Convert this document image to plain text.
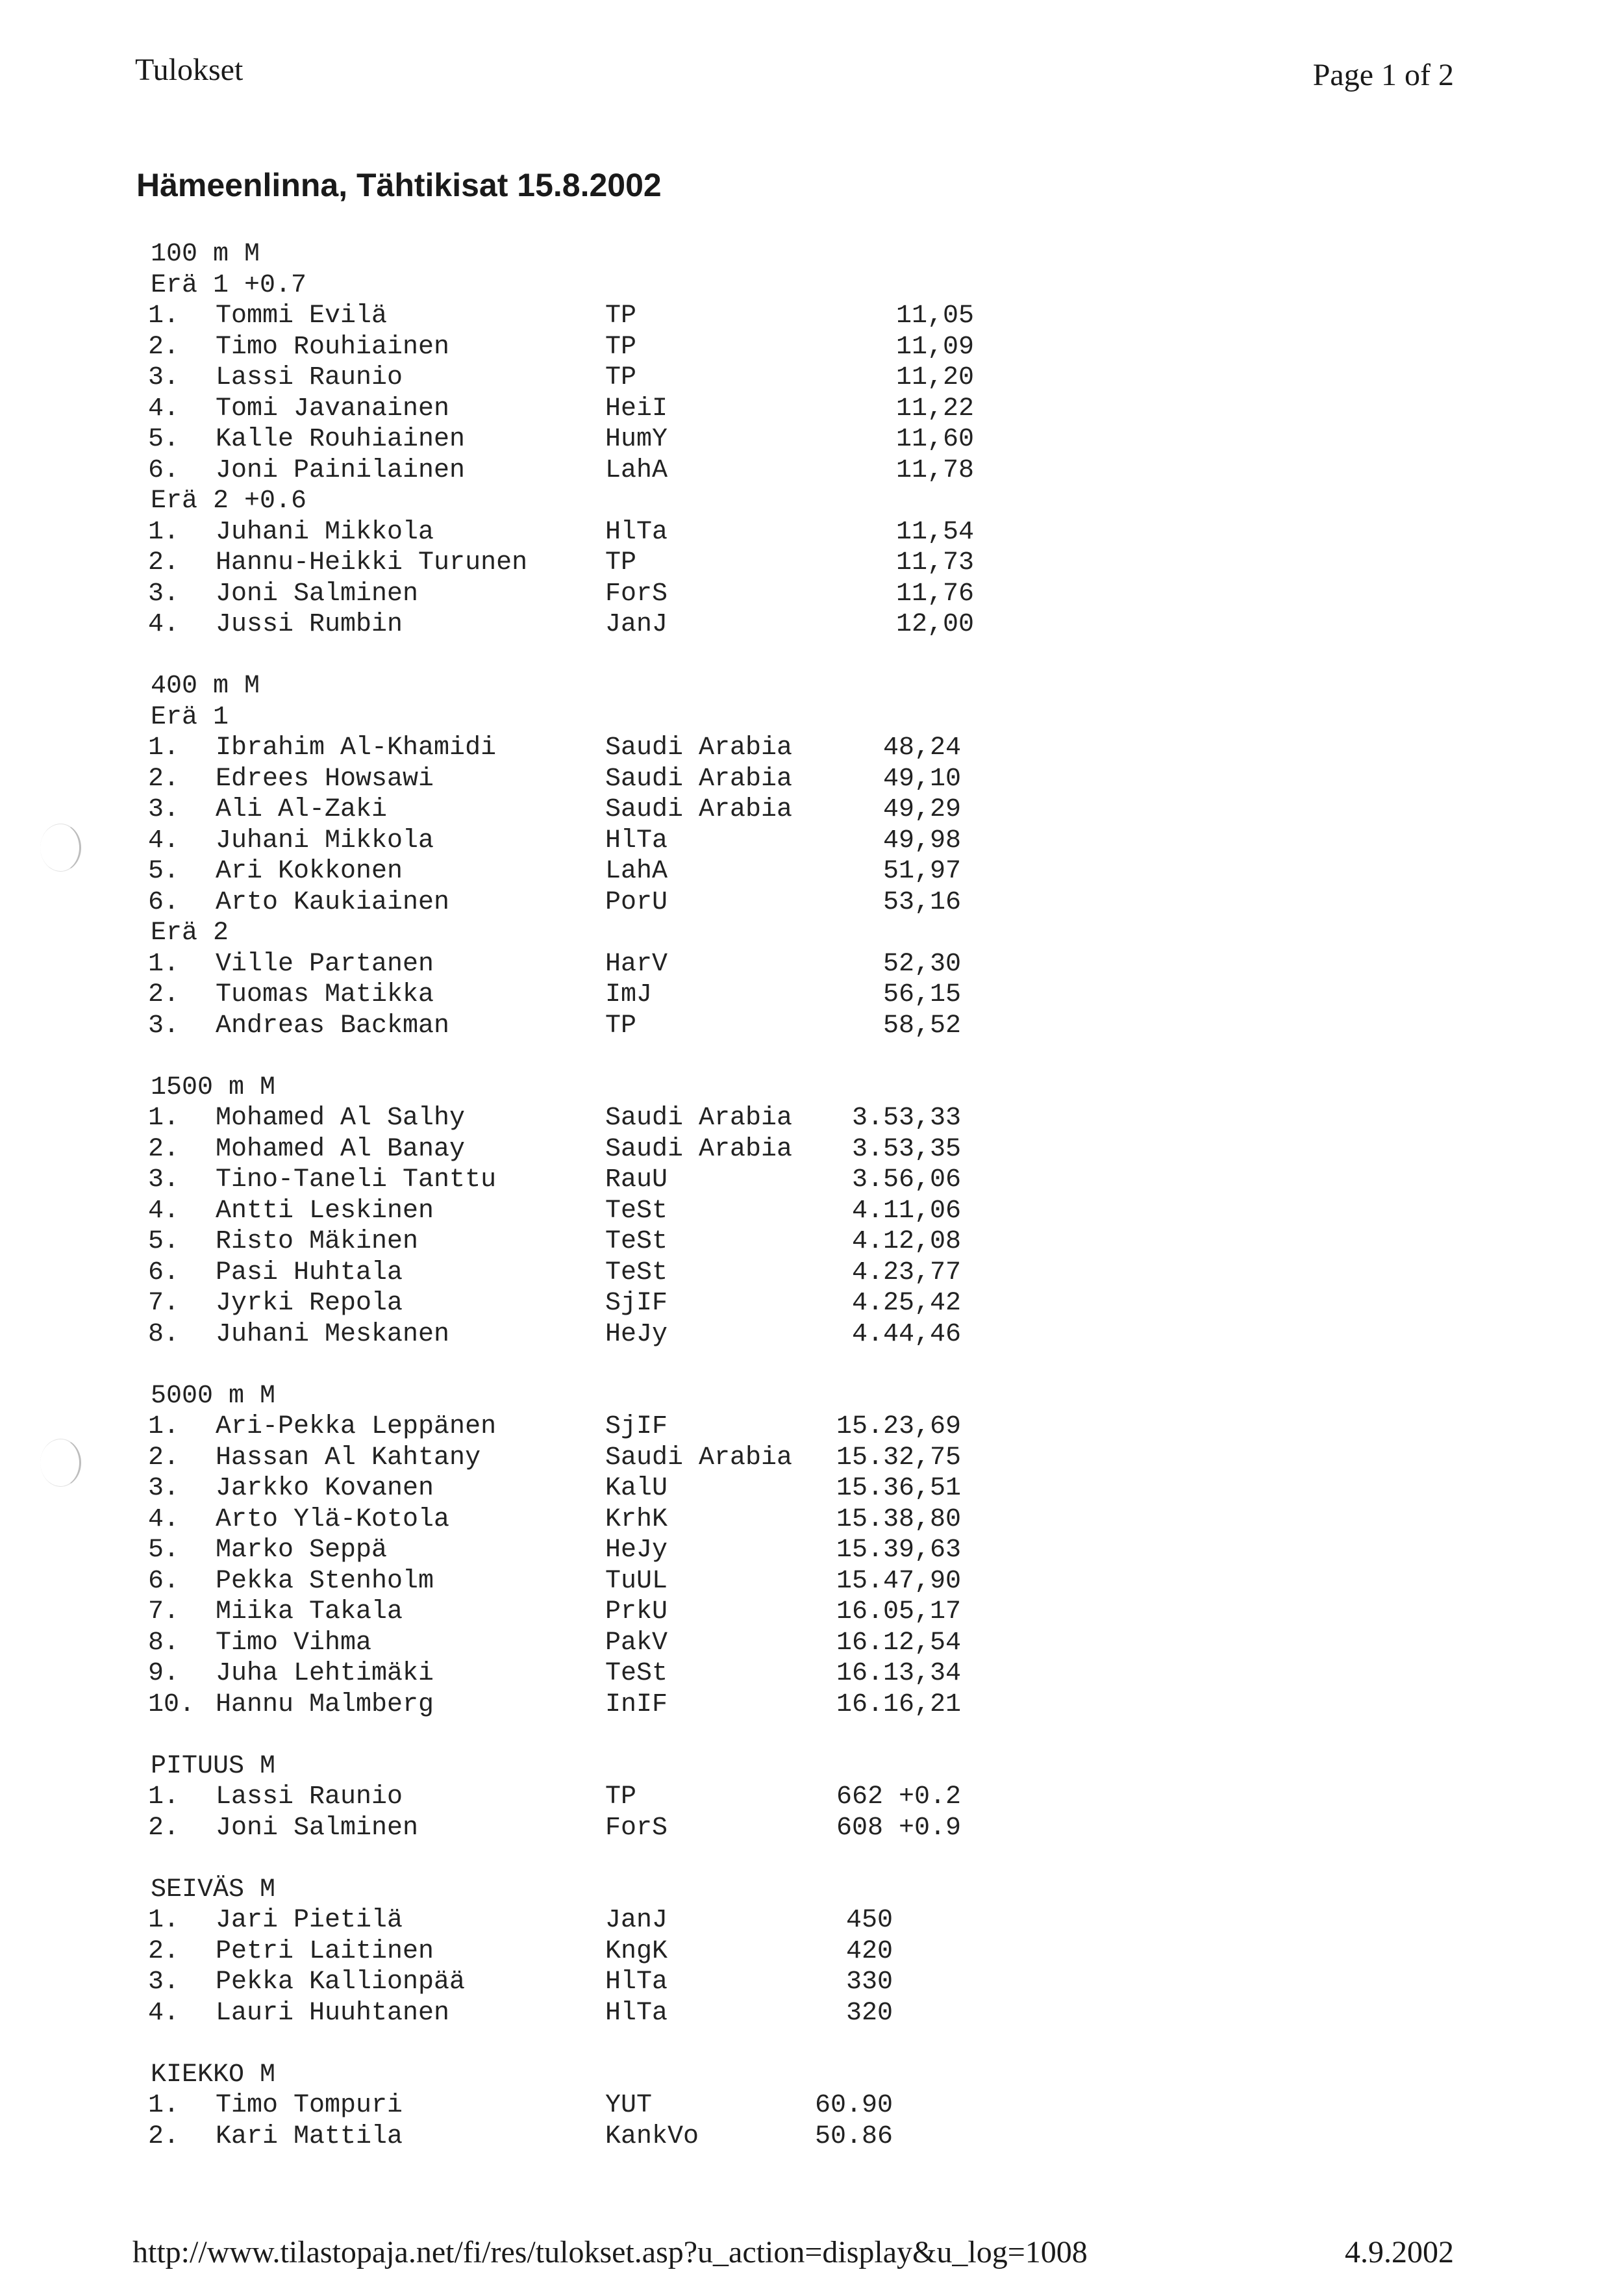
Tulokset	Page 1 of 2
Hämeenlinna, Tähtikisat 15.8.2002
100 m M
Erä 1 +0.7
1. Tommi Evilä	TP	11,05
2. Timo Rouhiainen	TP	11,09
3. Lassi Raunio	TP	11,20
4. Tomi Javanainen	HeiI	11,22
5. Kalle Rouhiainen	HumY	11,60
6. Joni Painilainen	LahA	11,78
Erä 2 +0.6
1. Juhani Mikkola	HlTa	11,54
2. Hannu-Heikki Turunen	TP	11,73
3. Joni Salminen	ForS	11,76
4. Jussi Rumbin	JanJ	12,00
400 m M
Erä 1
1. Ibrahim Al-Khamidi	Saudi Arabia	48,24
2. Edrees Howsawi	Saudi Arabia	49,10
3. Ali Al-Zaki	Saudi Arabia	49,29
4. Juhani Mikkola	HlTa	49,98
5. Ari Kokkonen	LahA	51,97
6. Arto Kaukiainen	PorU	53,16
Erä 2
1. Ville Partanen	HarV	52,30
2. Tuomas Matikka	ImJ	56,15
3. Andreas Backman	TP	58,52
1500 m M
1. Mohamed Al Salhy	Saudi Arabia	3.53,33
2. Mohamed Al Banay	Saudi Arabia	3.53,35
3. Tino-Taneli Tanttu	RauU	3.56,06
4. Antti Leskinen	TeSt	4.11,06
5. Risto Mäkinen	TeSt	4.12,08
6. Pasi Huhtala	TeSt	4.23,77
7. Jyrki Repola	SjIF	4.25,42
8. Juhani Meskanen	HeJy	4.44,46
5000 m M
1. Ari-Pekka Leppänen	SjIF	15.23,69
2. Hassan Al Kahtany	Saudi Arabia	15.32,75
3. Jarkko Kovanen	KalU	15.36,51
4. Arto Ylä-Kotola	KrhK	15.38,80
5. Marko Seppä	HeJy	15.39,63
6. Pekka Stenholm	TuUL	15.47,90
7. Miika Takala	PrkU	16.05,17
8. Timo Vihma	PakV	16.12,54
9. Juha Lehtimäki	TeSt	16.13,34
10. Hannu Malmberg	InIF	16.16,21
PITUUS M
1. Lassi Raunio	TP	662 +0.2
2. Joni Salminen	ForS	608 +0.9
SEIVÄS M
1. Jari Pietilä	JanJ	450
2. Petri Laitinen	KngK	420
3. Pekka Kallionpää	HlTa	330
4. Lauri Huuhtanen	HlTa	320
KIEKKO M
1. Timo Tompuri	YUT	60.90
2. Kari Mattila	KankVo	50.86
http://www.tilastopaja.net/fi/res/tulokset.asp?u_action=display&u_log=1008	4.9.2002
